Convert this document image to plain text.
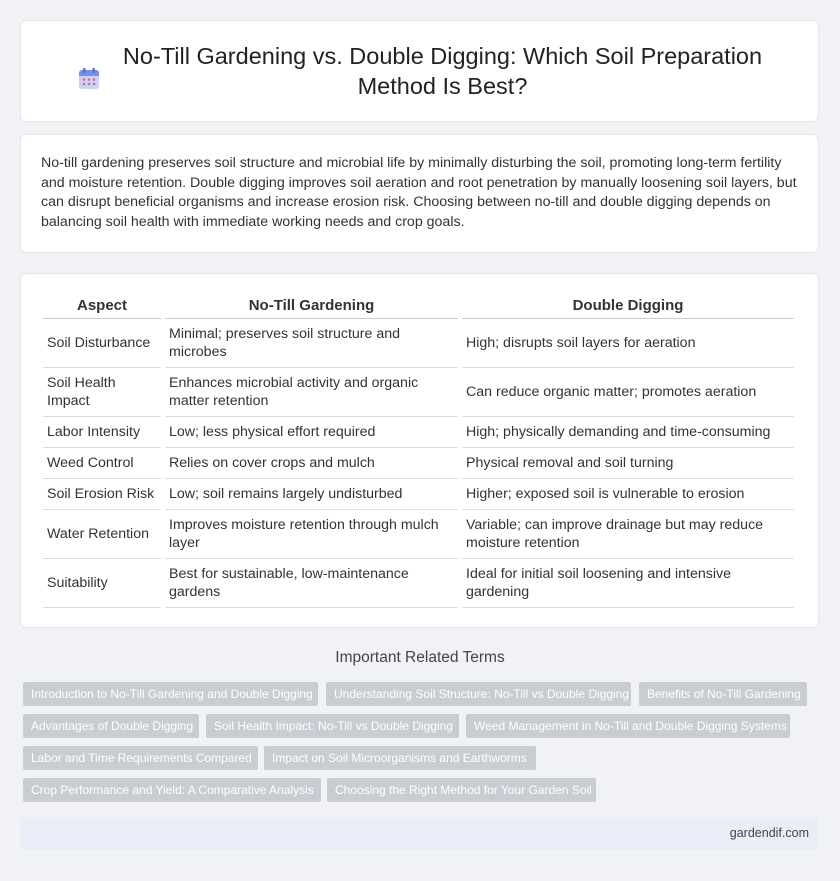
No-Till Gardening vs. Double Digging: Which Soil Preparation Method Is Best?

No-till gardening preserves soil structure and microbial life by minimally disturbing the soil, promoting long-term fertility and moisture retention. Double digging improves soil aeration and root penetration by manually loosening soil layers, but can disrupt beneficial organisms and increase erosion risk. Choosing between no-till and double digging depends on balancing soil health with immediate working needs and crop goals.

Aspect	No-Till Gardening	Double Digging
Soil Disturbance	Minimal; preserves soil structure and microbes	High; disrupts soil layers for aeration
Soil Health Impact	Enhances microbial activity and organic matter retention	Can reduce organic matter; promotes aeration
Labor Intensity	Low; less physical effort required	High; physically demanding and time-consuming
Weed Control	Relies on cover crops and mulch	Physical removal and soil turning
Soil Erosion Risk	Low; soil remains largely undisturbed	Higher; exposed soil is vulnerable to erosion
Water Retention	Improves moisture retention through mulch layer	Variable; can improve drainage but may reduce moisture retention
Suitability	Best for sustainable, low-maintenance gardens	Ideal for initial soil loosening and intensive gardening
Important Related Terms
Introduction to No-Till Gardening and Double Digging	Understanding Soil Structure: No-Till vs Double Digging	Benefits of No-Till Gardening
Advantages of Double Digging	Soil Health Impact: No-Till vs Double Digging	Weed Management in No-Till and Double Digging Systems
Labor and Time Requirements Compared	Impact on Soil Microorganisms and Earthworms
Crop Performance and Yield: A Comparative Analysis	Choosing the Right Method for Your Garden Soil
gardendif.com
